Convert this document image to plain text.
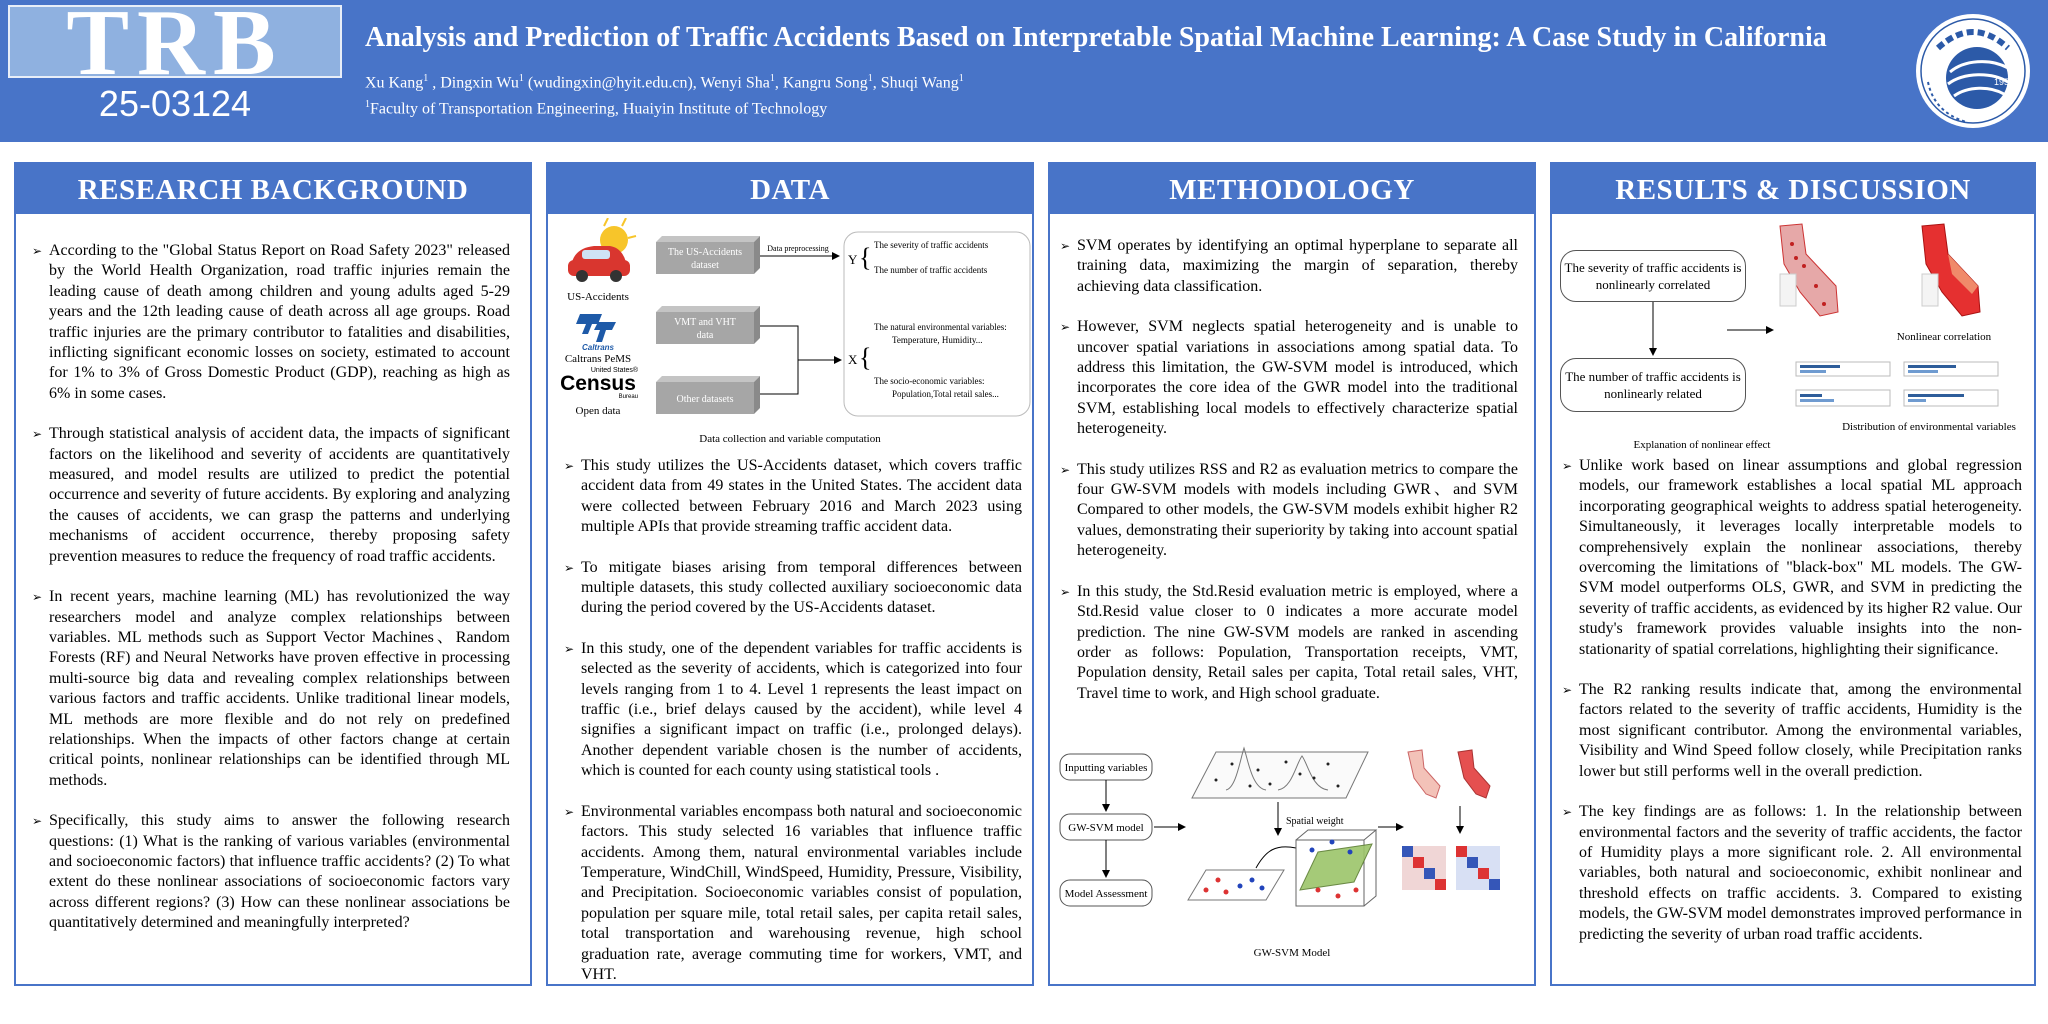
TRB
25-03124
Analysis and Prediction of Traffic Accidents Based on Interpretable Spatial Machine Learning: A Case Study in California
Xu Kang$^1$ , Dingxin Wu$^1$ (wudingxin@hyit.edu.cn), Wenyi Sha$^1$, Kangru Song$^1$, Shuqi Wang$^1$
$^1$Faculty of Transportation Engineering, Huaiyin Institute of Technology
1958
RESEARCH BACKGROUND
➢ According to the "Global Status Report on Road Safety 2023" released by the World Health Organization, road traffic injuries remain the leading cause of death among children and young adults aged 5-29 years and the 12th leading cause of death across all age groups. Road traffic injuries are the primary contributor to fatalities and disabilities, inflicting significant economic losses on society, estimated to account for 1% to 3% of Gross Domestic Product (GDP), reaching as high as 6% in some cases.
➢ Through statistical analysis of accident data, the impacts of significant factors on the likelihood and severity of accidents are quantitatively measured, and model results are utilized to predict the potential occurrence and severity of future accidents. By exploring and analyzing the causes of accidents, we can grasp the patterns and underlying mechanisms of accident occurrence, thereby proposing safety prevention measures to reduce the frequency of road traffic accidents.
➢ In recent years, machine learning (ML) has revolutionized the way researchers model and analyze complex relationships between variables. ML methods such as Support Vector Machines、Random Forests (RF) and Neural Networks have proven effective in processing multi-source big data and revealing complex relationships between various factors and traffic accidents. Unlike traditional linear models, ML methods are more flexible and do not rely on predefined relationships. When the impacts of other factors change at certain critical points, nonlinear relationships can be identified through ML methods.
➢ Specifically, this study aims to answer the following research questions: (1) What is the ranking of various variables (environmental and socioeconomic factors) that influence traffic accidents? (2) To what extent do these nonlinear associations of socioeconomic factors vary across different regions? (3) How can these nonlinear associations be quantitatively determined and meaningfully interpreted?
DATA
US-Accidents
Caltrans
Caltrans PeMS
United States®
Census
Bureau
Open data
The US-Accidents
dataset
VMT and VHT
data
Other datasets
Data preprocessing
Y { The severity of traffic accidents
The number of traffic accidents
X {
The natural environmental variables:
Temperature, Humidity...
The socio-economic variables:
Population,Total retail sales...
Data collection and variable computation
➢ This study utilizes the US-Accidents dataset, which covers traffic accident data from 49 states in the United States. The accident data were collected between February 2016 and March 2023 using multiple APIs that provide streaming traffic accident data.
➢ To mitigate biases arising from temporal differences between multiple datasets, this study collected auxiliary socioeconomic data during the period covered by the US-Accidents dataset.
➢ In this study, one of the dependent variables for traffic accidents is selected as the severity of accidents, which is categorized into four levels ranging from 1 to 4. Level 1 represents the least impact on traffic (i.e., brief delays caused by the accident), while level 4 signifies a significant impact on traffic (i.e., prolonged delays). Another dependent variable chosen is the number of accidents, which is counted for each county using statistical tools .
➢ Environmental variables encompass both natural and socioeconomic factors. This study selected 16 variables that influence traffic accidents. Among them, natural environmental variables include Temperature, WindChill, WindSpeed, Humidity, Pressure, Visibility, and Precipitation. Socioeconomic variables consist of population, population per square mile, total retail sales, per capita retail sales, total transportation and warehousing revenue, high school graduation rate, average commuting time for workers, VMT, and VHT.
METHODOLOGY
➢ SVM operates by identifying an optimal hyperplane to separate all training data, maximizing the margin of separation, thereby achieving data classification.
➢ However, SVM neglects spatial heterogeneity and is unable to uncover spatial variations in associations among spatial data. To address this limitation, the GW-SVM model is introduced, which incorporates the core idea of the GWR model into the traditional SVM, establishing local models to effectively characterize spatial heterogeneity.
➢ This study utilizes RSS and R2 as evaluation metrics to compare the four GW-SVM models with models including GWR、and SVM Compared to other models, the GW-SVM models exhibit higher R2 values, demonstrating their superiority by taking into account spatial heterogeneity.
➢ In this study, the Std.Resid evaluation metric is employed, where a Std.Resid value closer to 0 indicates a more accurate model prediction. The nine GW-SVM models are ranked in ascending order as follows: Population, Transportation receipts, VMT, Population density, Retail sales per capita, Total retail sales, VHT, Travel time to work, and High school graduate.
Inputting variables
GW-SVM model
Model Assessment
Spatial weight
GW-SVM Model
RESULTS & DISCUSSION
The severity of traffic accidents is nonlinearly correlated
The number of traffic accidents is nonlinearly related
Nonlinear correlation
Distribution of environmental variables
Explanation of nonlinear effect
➢ Unlike work based on linear assumptions and global regression models, our framework establishes a local spatial ML approach incorporating geographical weights to address spatial heterogeneity. Simultaneously, it leverages locally interpretable models to comprehensively explain the nonlinear associations, thereby overcoming the limitations of "black-box" ML models. The GW-SVM model outperforms OLS, GWR, and SVM in predicting the severity of traffic accidents, as evidenced by its higher R2 value. Our study's framework provides valuable insights into the non-stationarity of spatial correlations, highlighting their significance.
➢ The R2 ranking results indicate that, among the environmental factors related to the severity of traffic accidents, Humidity is the most significant contributor. Among the environmental variables, Visibility and Wind Speed follow closely, while Precipitation ranks lower but still performs well in the overall prediction.
➢ The key findings are as follows: 1. In the relationship between environmental factors and the severity of traffic accidents, the factor of Humidity plays a more significant role. 2. All environmental variables, both natural and socioeconomic, exhibit nonlinear and threshold effects on traffic accidents. 3. Compared to existing models, the GW-SVM model demonstrates improved performance in predicting the severity of urban road traffic accidents.
